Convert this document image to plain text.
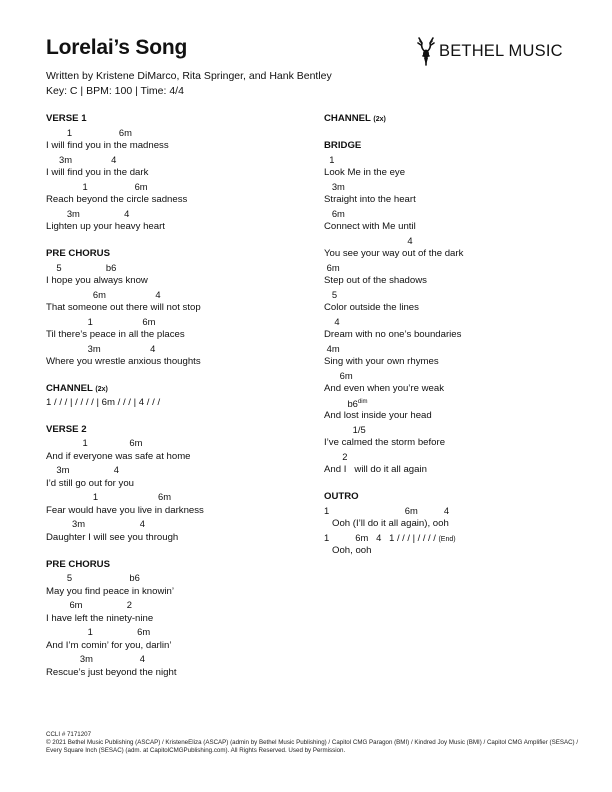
Lorelai’s Song	BETHEL MUSIC
Written by Kristene DiMarco, Rita Springer, and Hank Bentley
Key: C | BPM: 100 | Time: 4/4
VERSE 1
1                  6m
I will find you in the madness
3m               4
I will find you in the dark
1                  6m
Reach beyond the circle sadness
3m                 4
Lighten up your heavy heart
PRE CHORUS
5                 b6
I hope you always know
6m                   4
That someone out there will not stop
1                   6m
Til there’s peace in all the places
3m                   4
Where you wrestle anxious thoughts
CHANNEL (2x)
1 / / / | / / / / | 6m / / / | 4 / / /
VERSE 2
1                6m
And if everyone was safe at home
3m                 4
I’d still go out for you
1                       6m
Fear would have you live in darkness
3m                     4
Daughter I will see you through
PRE CHORUS
5                      b6
May you find peace in knowin’
6m                 2
I have left the ninety-nine
1                 6m
And I’m comin’ for you, darlin’
3m                  4
Rescue’s just beyond the night
CHANNEL (2x)
BRIDGE
1
Look Me in the eye
3m
Straight into the heart
6m
Connect with Me until
4
You see your way out of the dark
6m
Step out of the shadows
5
Color outside the lines
4
Dream with no one’s boundaries
4m
Sing with your own rhymes
6m
And even when you’re weak
$b6^{dim}$
And lost inside your head
1/5
I’ve calmed the storm before
2
And I   will do it all again
OUTRO
1                             6m          4
Ooh (I’ll do it all again), ooh
1          6m   4   1 / / / | / / / / (End)
Ooh, ooh
CCLI # 7171207
© 2021 Bethel Music Publishing (ASCAP) / KristeneEliza (ASCAP) (admin by Bethel Music Publishing) / Capitol CMG Paragon (BMI) / Kindred Joy Music (BMI) / Capitol CMG Amplifier (SESAC) / Every Square Inch (SESAC) (adm. at CapitolCMGPublishing.com). All Rights Reserved. Used by Permission.
